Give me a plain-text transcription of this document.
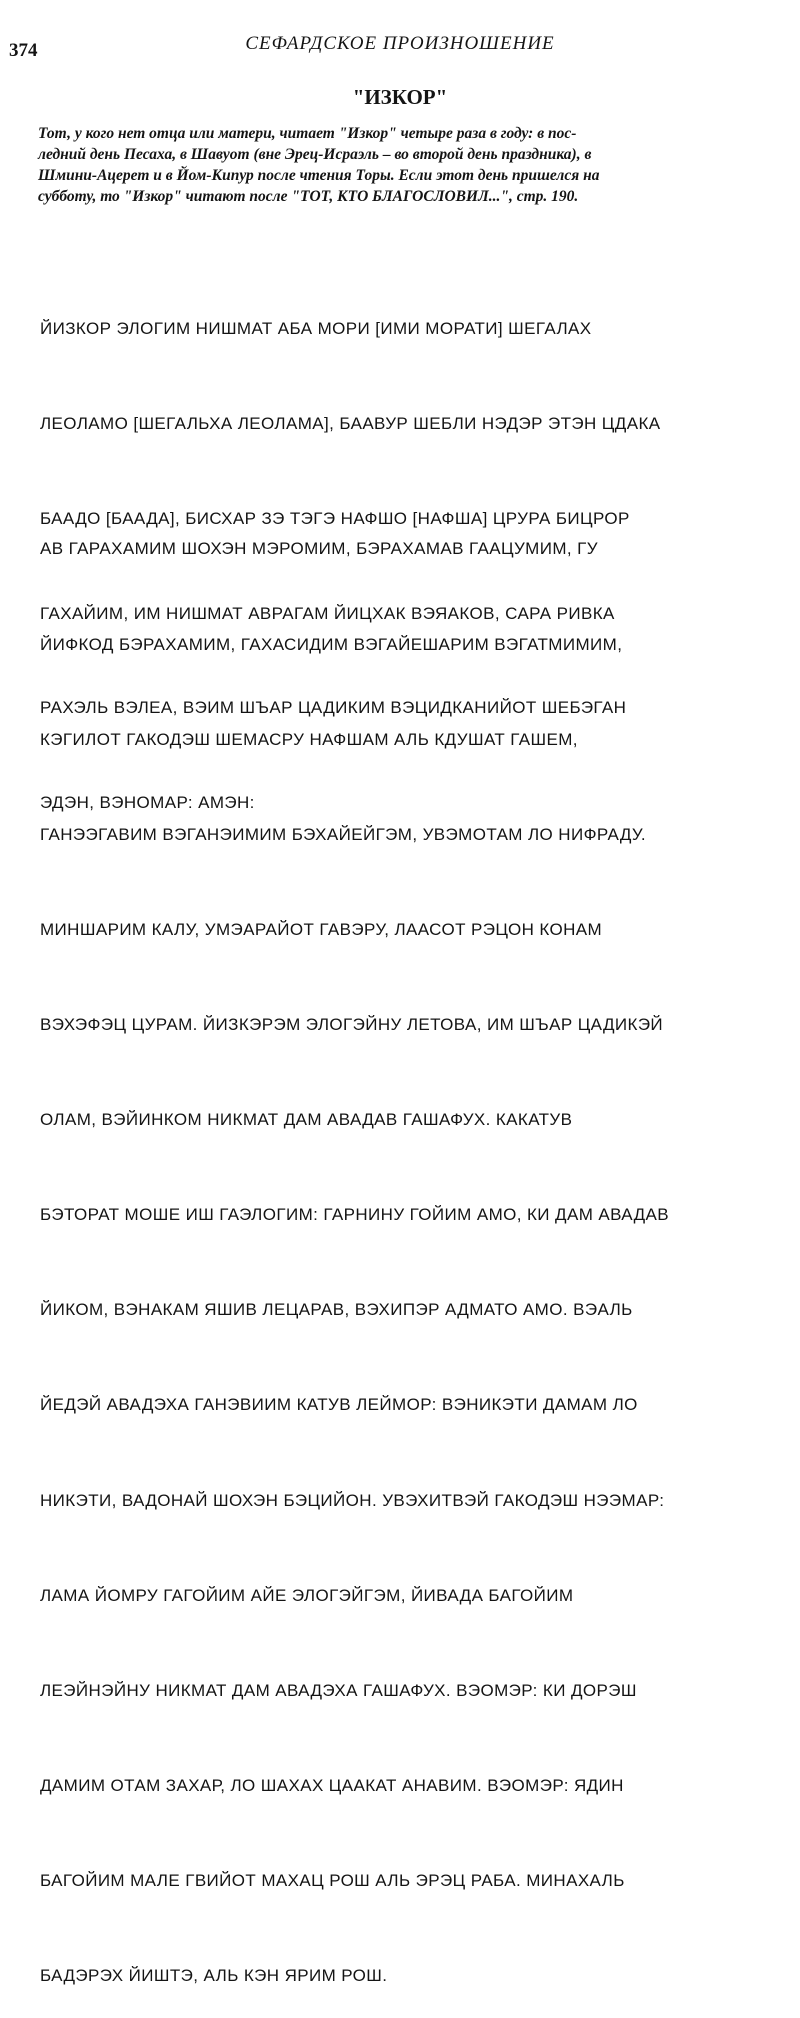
374	СЕФАРДСКОЕ ПРОИЗНОШЕНИЕ
"ИЗКОР"

Тот, у кого нет отца или матери, читает "Изкор" четыре раза в году: в пос-
ледний день Песаха, в Шавуот (вне Эрец-Исраэль – во второй день праздника), в
Шмини-Ацерет и в Йом-Кипур после чтения Торы. Если этот день пришелся на
субботу, то "Изкор" читают после "ТОТ, КТО БЛАГОСЛОВИЛ...", стр. 190.

ЙИЗКОР ЭЛОГИМ НИШМАТ АБА МОРИ [ИМИ МОРАТИ] ШЕГАЛАХ

ЛЕОЛАМО [ШЕГАЛЬХА ЛЕОЛАМА], БААВУР ШЕБЛИ НЭДЭР ЭТЭН ЦДАКА

БААДО [БААДА], БИСХАР ЗЭ ТЭГЭ НАФШО [НАФША] ЦРУРА БИЦРОР

ГАХАЙИМ, ИМ НИШМАТ АВРАГАМ ЙИЦХАК ВЭЯАКОВ, САРА РИВКА

РАХЭЛЬ ВЭЛЕА, ВЭИМ ШЪАР ЦАДИКИМ ВЭЦИДКАНИЙОТ ШЕБЭГАН

ЭДЭН, ВЭНОМАР: АМЭН:

АВ ГАРАХАМИМ ШОХЭН МЭРОМИМ, БЭРАХАМАВ ГААЦУМИМ, ГУ

ЙИФКОД БЭРАХАМИМ, ГАХАСИДИМ ВЭГАЙЕШАРИМ ВЭГАТМИМИМ,

КЭГИЛОТ ГАКОДЭШ ШЕМАСРУ НАФШАМ АЛЬ КДУШАТ ГАШЕМ,

ГАНЭЭГАВИМ ВЭГАНЭИМИМ БЭХАЙЕЙГЭМ, УВЭМОТАМ ЛО НИФРАДУ.

МИНШАРИМ КАЛУ, УМЭАРАЙОТ ГАВЭРУ, ЛААСОТ РЭЦОН КОНАМ

ВЭХЭФЭЦ ЦУРАМ. ЙИЗКЭРЭМ ЭЛОГЭЙНУ ЛЕТОВА, ИМ ШЪАР ЦАДИКЭЙ

ОЛАМ, ВЭЙИНКОМ НИКМАТ ДАМ АВАДАВ ГАШАФУХ. КАКАТУВ

БЭТОРАТ МОШЕ ИШ ГАЭЛОГИМ: ГАРНИНУ ГОЙИМ АМО, КИ ДАМ АВАДАВ

ЙИКОМ, ВЭНАКАМ ЯШИВ ЛЕЦАРАВ, ВЭХИПЭР АДМАТО АМО. ВЭАЛЬ

ЙЕДЭЙ АВАДЭХА ГАНЭВИИМ КАТУВ ЛЕЙМОР: ВЭНИКЭТИ ДАМАМ ЛО

НИКЭТИ, ВАДОНАЙ ШОХЭН БЭЦИЙОН. УВЭХИТВЭЙ ГАКОДЭШ НЭЭМАР:

ЛАМА ЙОМРУ ГАГОЙИМ АЙЕ ЭЛОГЭЙГЭМ, ЙИВАДА БАГОЙИМ

ЛЕЭЙНЭЙНУ НИКМАТ ДАМ АВАДЭХА ГАШАФУХ. ВЭОМЭР: КИ ДОРЭШ

ДАМИМ ОТАМ ЗАХАР, ЛО ШАХАХ ЦААКАТ АНАВИМ. ВЭОМЭР: ЯДИН

БАГОЙИМ МАЛЕ ГВИЙОТ МАХАЦ РОШ АЛЬ ЭРЭЦ РАБА. МИНАХАЛЬ

БАДЭРЭХ ЙИШТЭ, АЛЬ КЭН ЯРИМ РОШ.
